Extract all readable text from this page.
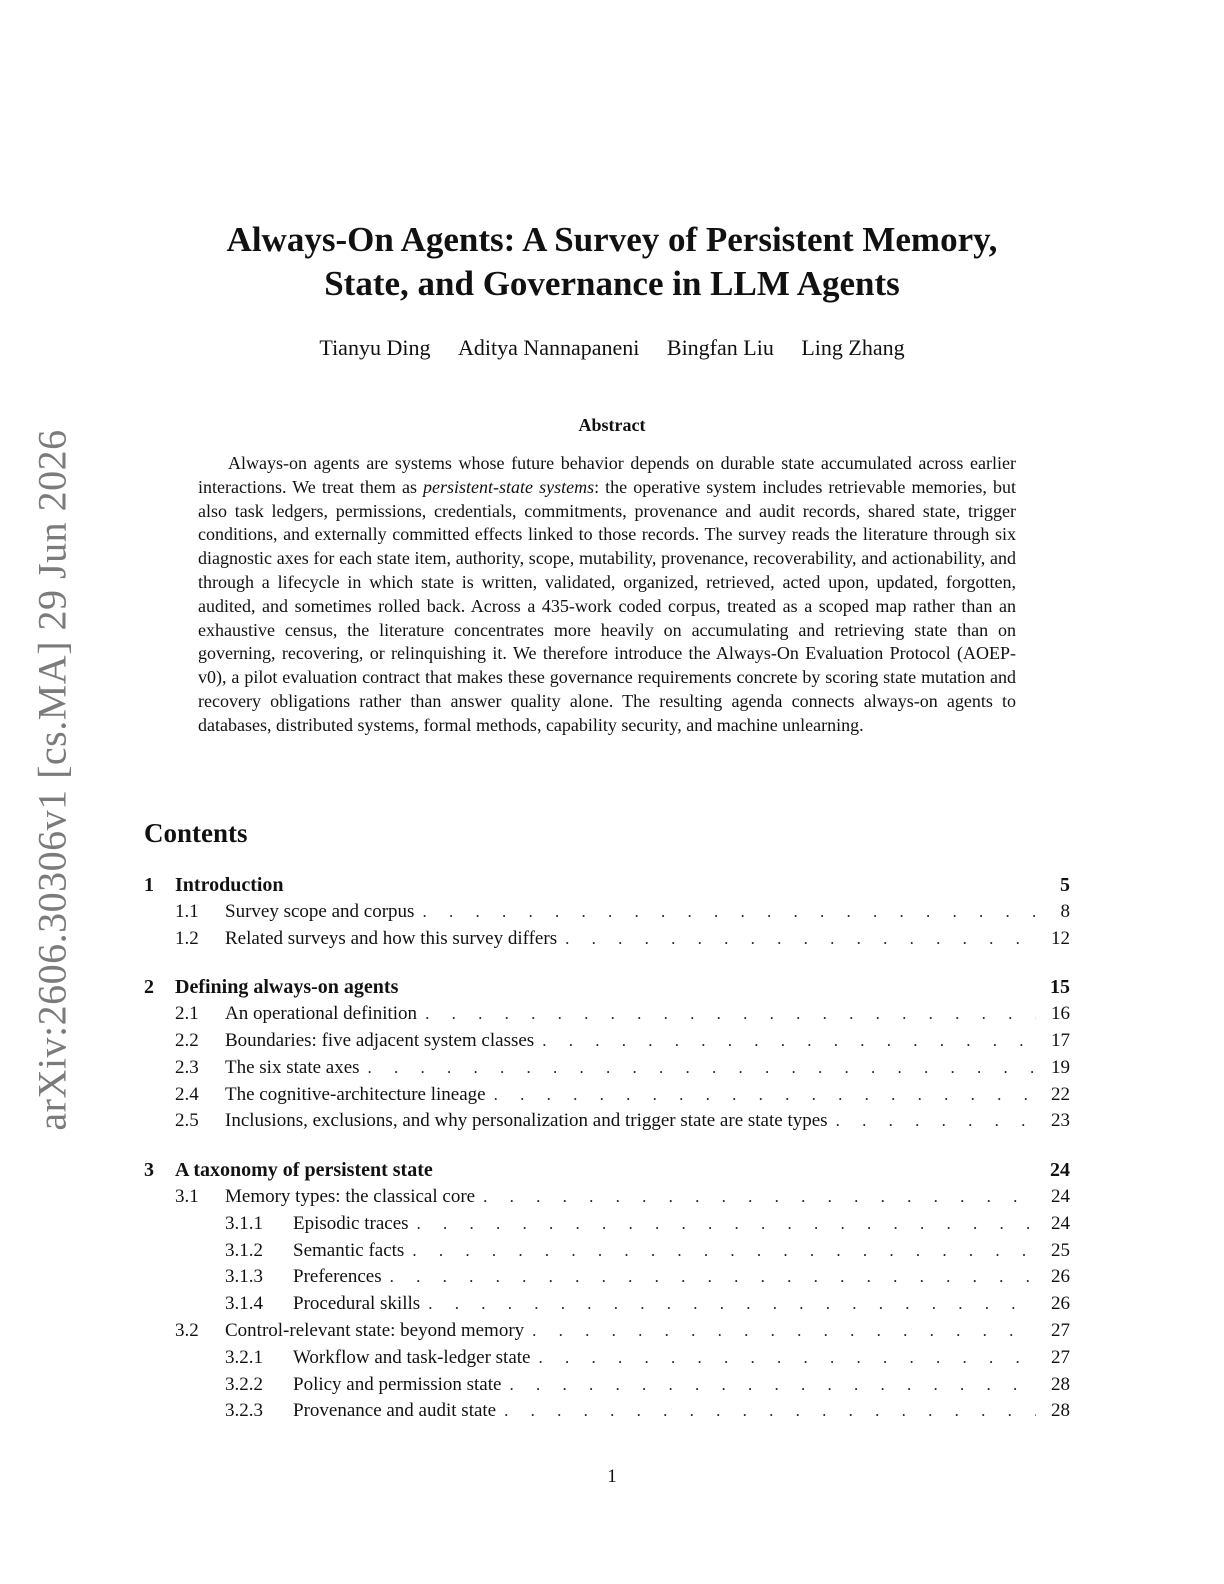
arXiv:2606.30306v1 [cs.MA] 29 Jun 2026
Always-On Agents: A Survey of Persistent Memory,
State, and Governance in LLM Agents
Tianyu Ding Aditya Nannapaneni Bingfan Liu Ling Zhang
Abstract

Always-on agents are systems whose future behavior depends on durable state accumulated across earlier interactions. We treat them as persistent-state systems: the operative system includes retrievable memories, but also task ledgers, permissions, credentials, commitments, provenance and audit records, shared state, trigger conditions, and externally committed effects linked to those records. The survey reads the literature through six diagnostic axes for each state item, authority, scope, mutability, provenance, recoverability, and actionability, and through a lifecycle in which state is written, validated, organized, retrieved, acted upon, updated, forgotten, audited, and sometimes rolled back. Across a 435-work coded corpus, treated as a scoped map rather than an exhaustive census, the literature concentrates more heavily on accumulating and retrieving state than on governing, recovering, or relinquishing it. We therefore introduce the Always-On Evaluation Protocol (AOEP-v0), a pilot evaluation contract that makes these governance requirements concrete by scoring state mutation and recovery obligations rather than answer quality alone. The resulting agenda connects always-on agents to databases, distributed systems, formal methods, capability security, and machine unlearning.

Contents
1	Introduction	5
1.1	Survey scope and corpus . . .	8
1.2	Related surveys and how this survey differs . . .	12
2	Defining always-on agents	15
2.1	An operational definition . . .	16
2.2	Boundaries: five adjacent system classes . . .	17
2.3	The six state axes . . .	19
2.4	The cognitive-architecture lineage . . .	22
2.5	Inclusions, exclusions, and why personalization and trigger state are state types . . .	23
3	A taxonomy of persistent state	24
3.1	Memory types: the classical core . . .	24
3.1.1	Episodic traces . . .	24
3.1.2	Semantic facts . . .	25
3.1.3	Preferences . . .	26
3.1.4	Procedural skills . . .	26
3.2	Control-relevant state: beyond memory . . .	27
3.2.1	Workflow and task-ledger state . . .	27
3.2.2	Policy and permission state . . .	28
3.2.3	Provenance and audit state . . .	28
1
